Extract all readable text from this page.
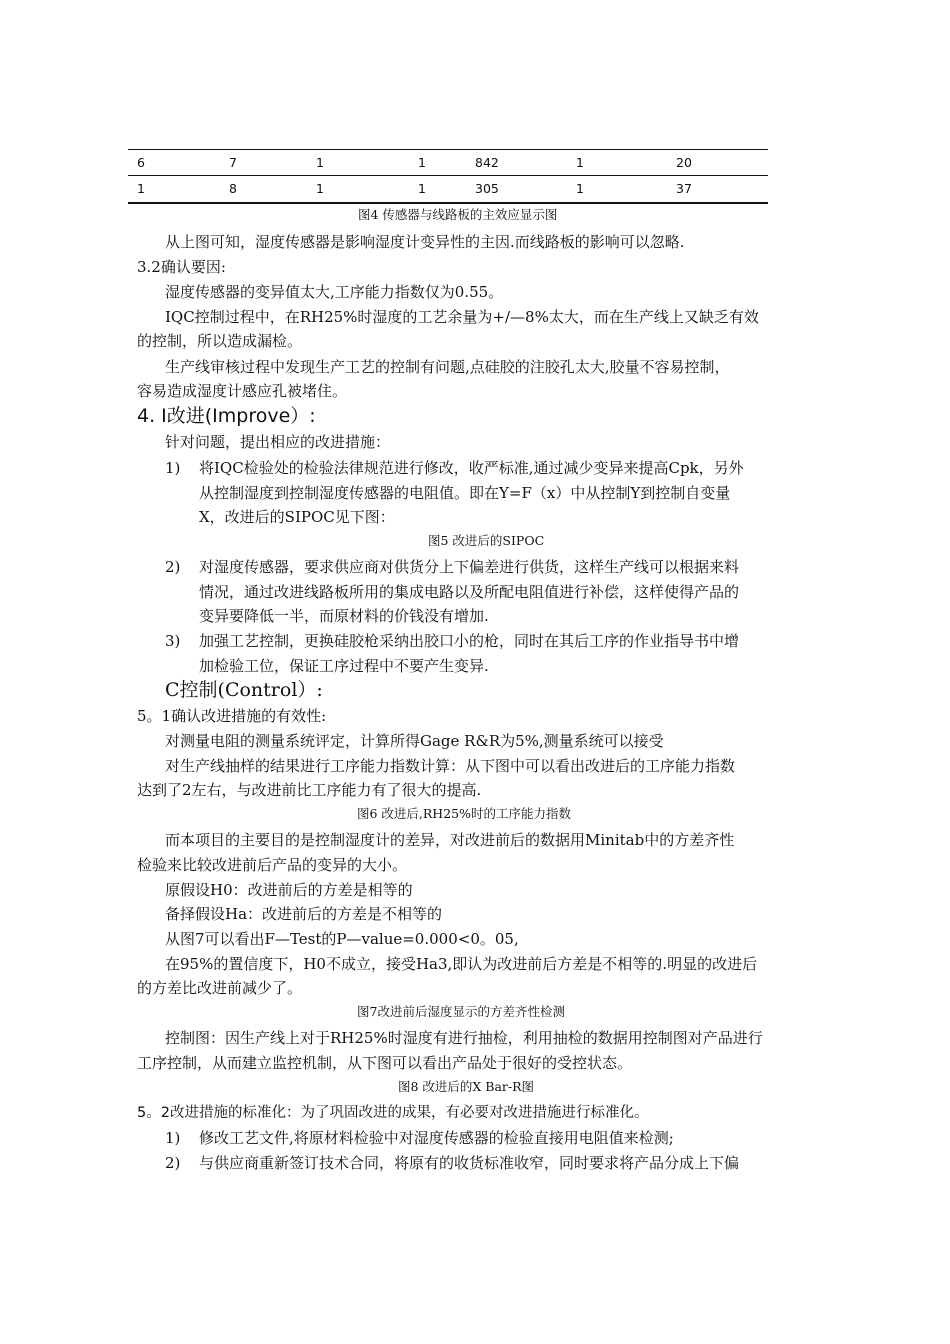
6	7	1	1	842	1	20
1	8	1	1	305	1	37
图4 传感器与线路板的主效应显示图
从上图可知，湿度传感器是影响湿度计变异性的主因.而线路板的影响可以忽略.
3.2确认要因:
湿度传感器的变异值太大,工序能力指数仅为0.55。
IQC控制过程中，在RH25%时湿度的工艺余量为+/—8%太大，而在生产线上又缺乏有效
的控制，所以造成漏检。
生产线审核过程中发现生产工艺的控制有问题,点硅胶的注胶孔太大,胶量不容易控制，
容易造成湿度计感应孔被堵住。
4. I改进(Improve）:
针对问题，提出相应的改进措施：
1) 将IQC检验处的检验法律规范进行修改，收严标准,通过减少变异来提高Cpk，另外
从控制湿度到控制湿度传感器的电阻值。即在Y=F（x）中从控制Y到控制自变量
X，改进后的SIPOC见下图：
图5 改进后的SIPOC
2) 对湿度传感器，要求供应商对供货分上下偏差进行供货，这样生产线可以根据来料
情况，通过改进线路板所用的集成电路以及所配电阻值进行补偿，这样使得产品的
变异要降低一半，而原材料的价钱没有增加.
3) 加强工艺控制，更换硅胶枪采纳出胶口小的枪，同时在其后工序的作业指导书中增
加检验工位，保证工序过程中不要产生变异.
C控制(Control）:
5。1确认改进措施的有效性:
对测量电阻的测量系统评定，计算所得Gage R&R为5%,测量系统可以接受
对生产线抽样的结果进行工序能力指数计算：从下图中可以看出改进后的工序能力指数
达到了2左右，与改进前比工序能力有了很大的提高.
图6 改进后,RH25%时的工序能力指数
而本项目的主要目的是控制湿度计的差异，对改进前后的数据用Minitab中的方差齐性
检验来比较改进前后产品的变异的大小。
原假设H0：改进前后的方差是相等的
备择假设Ha：改进前后的方差是不相等的
从图7可以看出F—Test的P—value=0.000<0。05,
在95%的置信度下，H0不成立，接受Ha3,即认为改进前后方差是不相等的.明显的改进后
的方差比改进前减少了。
图7改进前后湿度显示的方差齐性检测
控制图：因生产线上对于RH25%时湿度有进行抽检，利用抽检的数据用控制图对产品进行
工序控制，从而建立监控机制，从下图可以看出产品处于很好的受控状态。
图8 改进后的X Bar-R图
5。2改进措施的标准化：为了巩固改进的成果，有必要对改进措施进行标准化。
1) 修改工艺文件,将原材料检验中对湿度传感器的检验直接用电阻值来检测;
2) 与供应商重新签订技术合同，将原有的收货标准收窄，同时要求将产品分成上下偏
